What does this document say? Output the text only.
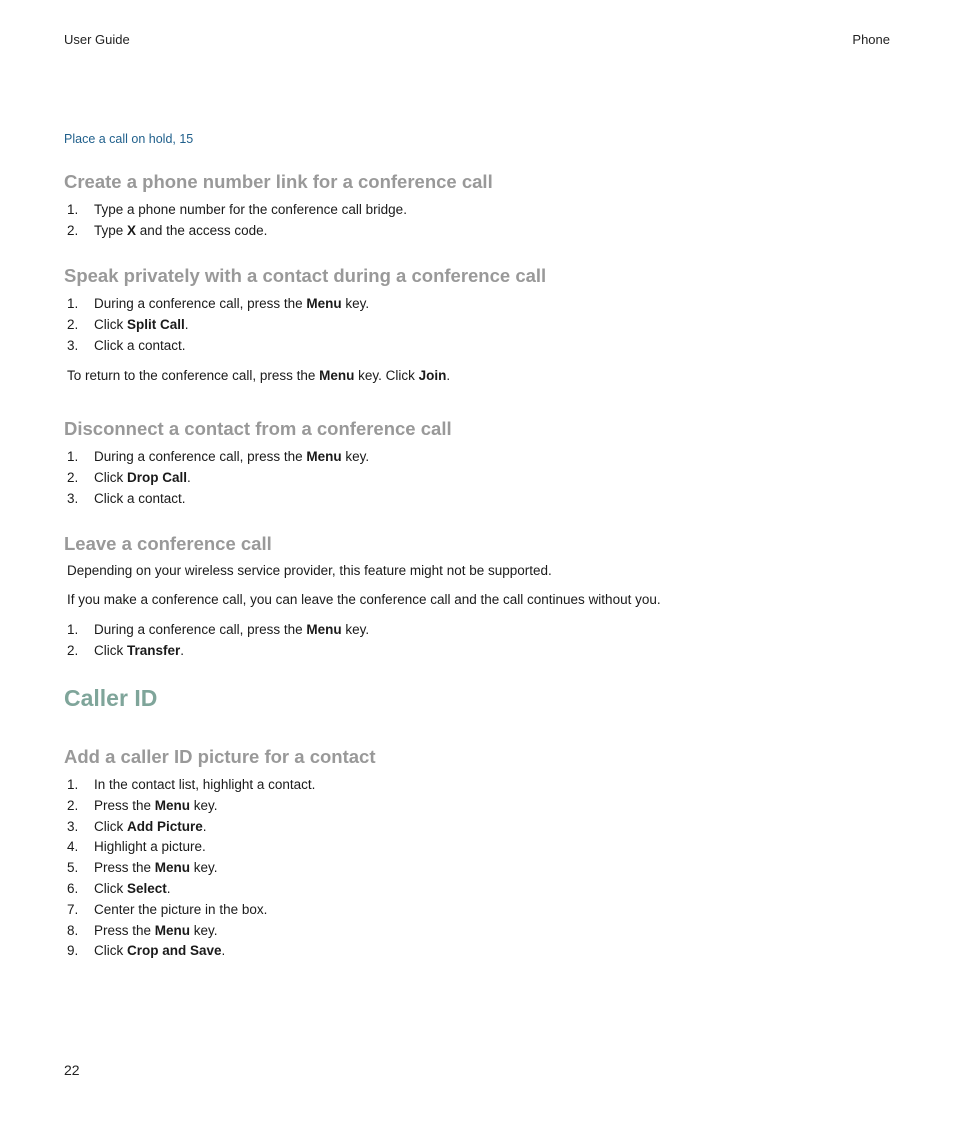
User Guide	Phone
Place a call on hold, 15
Create a phone number link for a conference call
1.	Type a phone number for the conference call bridge.
2.	Type X and the access code.
Speak privately with a contact during a conference call
1.	During a conference call, press the Menu key.
2.	Click Split Call.
3.	Click a contact.

To return to the conference call, press the Menu key. Click Join.

Disconnect a contact from a conference call
1.	During a conference call, press the Menu key.
2.	Click Drop Call.
3.	Click a contact.
Leave a conference call

Depending on your wireless service provider, this feature might not be supported.

If you make a conference call, you can leave the conference call and the call continues without you.

1.	During a conference call, press the Menu key.
2.	Click Transfer.
Caller ID
Add a caller ID picture for a contact
1.	In the contact list, highlight a contact.
2.	Press the Menu key.
3.	Click Add Picture.
4.	Highlight a picture.
5.	Press the Menu key.
6.	Click Select.
7.	Center the picture in the box.
8.	Press the Menu key.
9.	Click Crop and Save.
22
